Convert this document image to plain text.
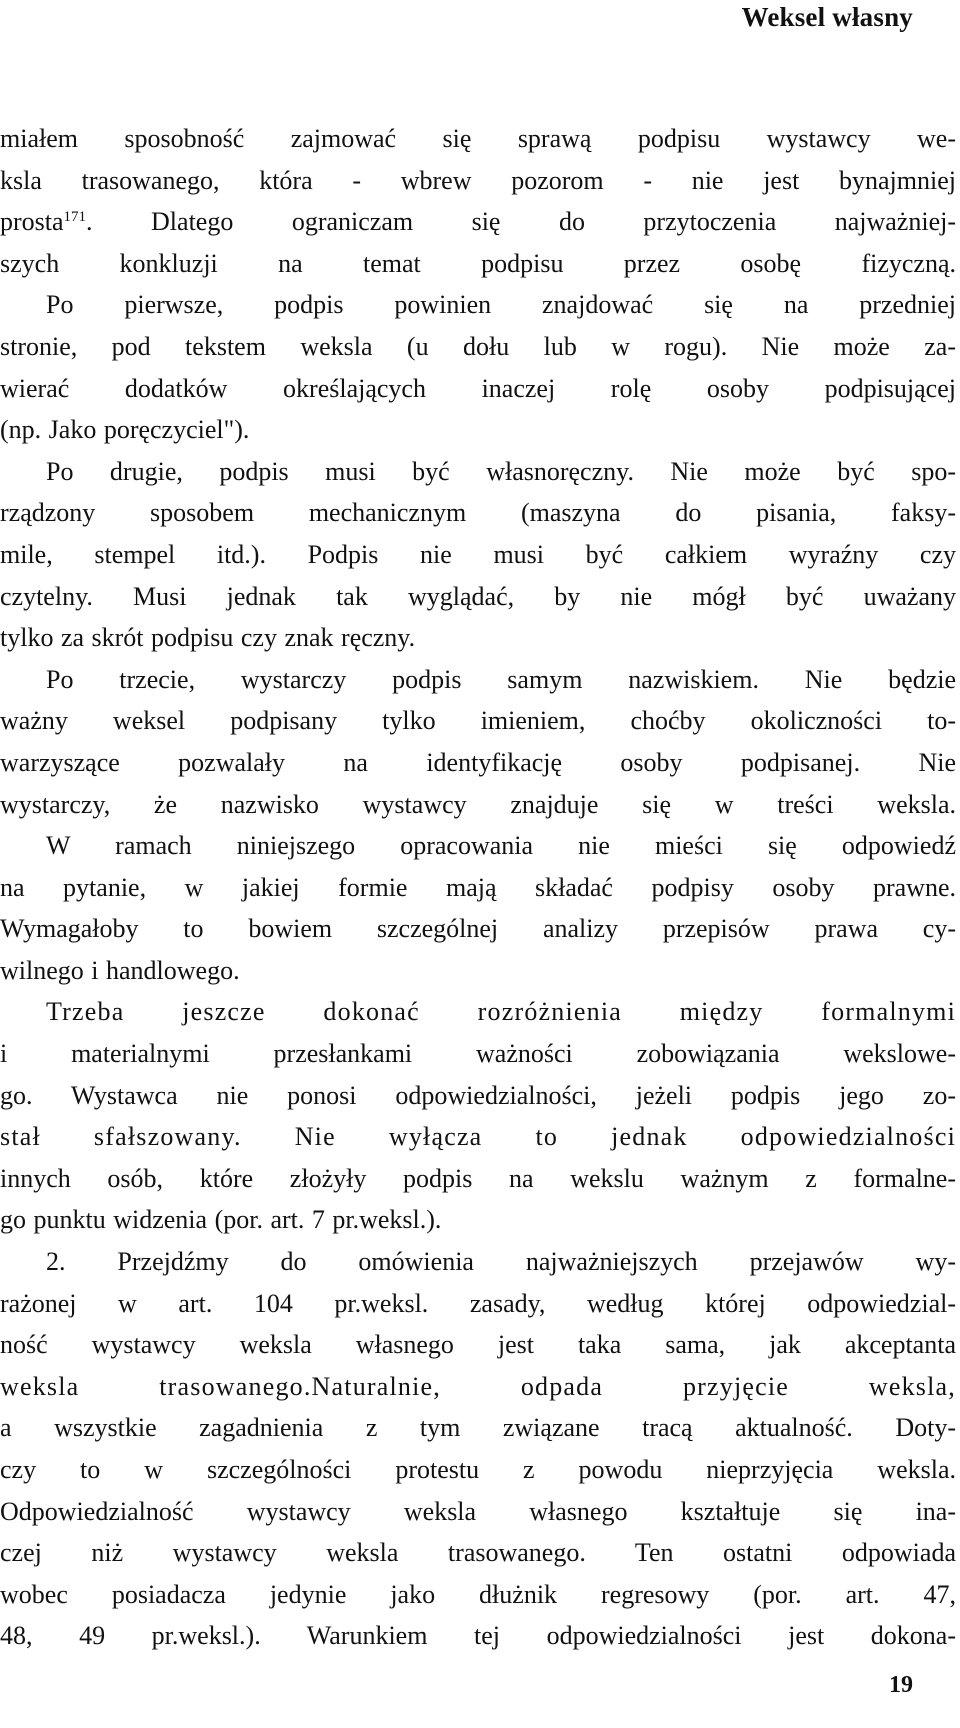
Weksel własny
miałem sposobność zajmować się sprawą podpisu wystawcy we-
ksla trasowanego, która - wbrew pozorom - nie jest bynajmniej
prosta$^{171}$. Dlatego ograniczam się do przytoczenia najważniej-
szych konkluzji na temat podpisu przez osobę fizyczną.
Po pierwsze, podpis powinien znajdować się na przedniej
stronie, pod tekstem weksla (u dołu lub w rogu). Nie może za-
wierać dodatków określających inaczej rolę osoby podpisującej
(np. Jako poręczyciel").
Po drugie, podpis musi być własnoręczny. Nie może być spo-
rządzony sposobem mechanicznym (maszyna do pisania, faksy-
mile, stempel itd.). Podpis nie musi być całkiem wyraźny czy
czytelny. Musi jednak tak wyglądać, by nie mógł być uważany
tylko za skrót podpisu czy znak ręczny.
Po trzecie, wystarczy podpis samym nazwiskiem. Nie będzie
ważny weksel podpisany tylko imieniem, choćby okoliczności to-
warzyszące pozwalały na identyfikację osoby podpisanej. Nie
wystarczy, że nazwisko wystawcy znajduje się w treści weksla.
W ramach niniejszego opracowania nie mieści się odpowiedź
na pytanie, w jakiej formie mają składać podpisy osoby prawne.
Wymagałoby to bowiem szczególnej analizy przepisów prawa cy-
wilnego i handlowego.
Trzeba jeszcze dokonać rozróżnienia między formalnymi
i materialnymi przesłankami ważności zobowiązania wekslowe-
go. Wystawca nie ponosi odpowiedzialności, jeżeli podpis jego zo-
stał sfałszowany. Nie wyłącza to jednak odpowiedzialności
innych osób, które złożyły podpis na wekslu ważnym z formalne-
go punktu widzenia (por. art. 7 pr.weksl.).
2. Przejdźmy do omówienia najważniejszych przejawów wy-
rażonej w art. 104 pr.weksl. zasady, według której odpowiedzial-
ność wystawcy weksla własnego jest taka sama, jak akceptanta
weksla trasowanego.Naturalnie, odpada przyjęcie weksla,
a wszystkie zagadnienia z tym związane tracą aktualność. Doty-
czy to w szczególności protestu z powodu nieprzyjęcia weksla.
Odpowiedzialność wystawcy weksla własnego kształtuje się ina-
czej niż wystawcy weksla trasowanego. Ten ostatni odpowiada
wobec posiadacza jedynie jako dłużnik regresowy (por. art. 47,
48, 49 pr.weksl.). Warunkiem tej odpowiedzialności jest dokona-
19
